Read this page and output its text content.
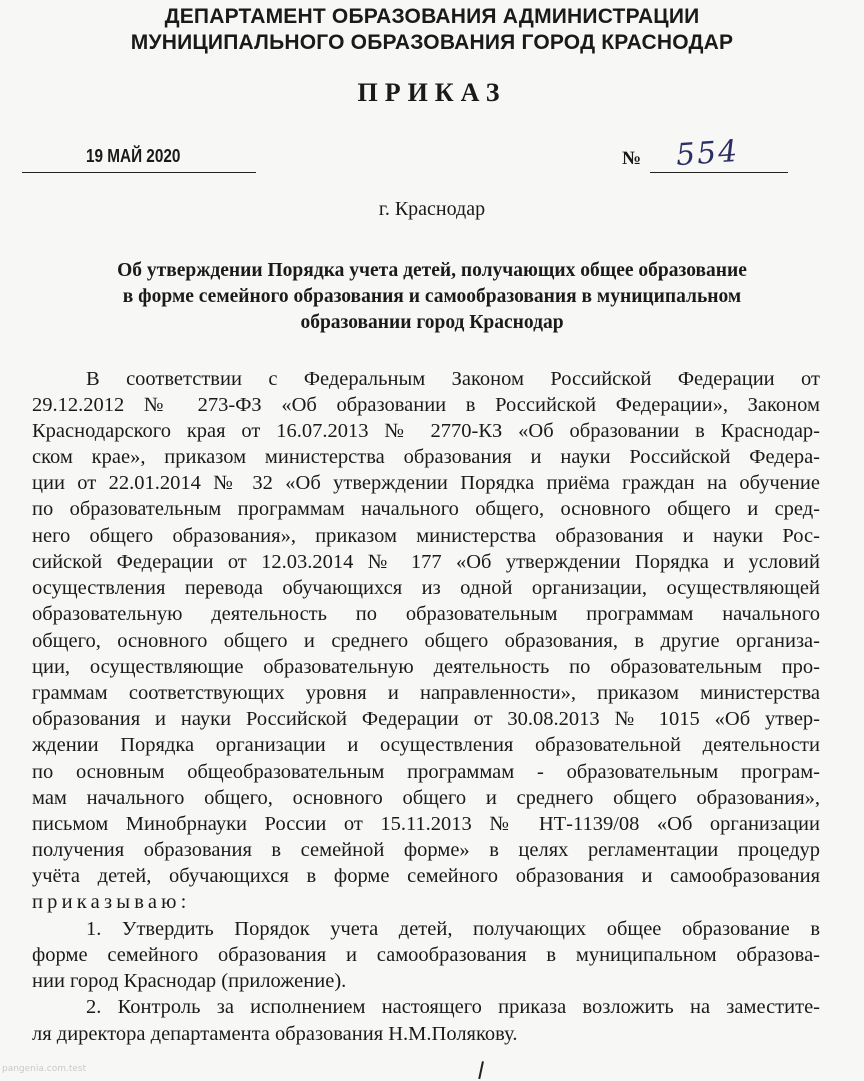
ДЕПАРТАМЕНТ ОБРАЗОВАНИЯ АДМИНИСТРАЦИИ
МУНИЦИПАЛЬНОГО ОБРАЗОВАНИЯ ГОРОД КРАСНОДАР
ПРИКАЗ
19 МАЙ 2020	№ 554
г. Краснодар
Об утверждении Порядка учета детей, получающих общее образование
в форме семейного образования и самообразования в муниципальном
образовании город Краснодар
В соответствии с Федеральным Законом Российской Федерации от
29.12.2012 № 273-ФЗ «Об образовании в Российской Федерации», Законом
Краснодарского края от 16.07.2013 № 2770-КЗ «Об образовании в Краснодар-
ском крае», приказом министерства образования и науки Российской Федера-
ции от 22.01.2014 № 32 «Об утверждении Порядка приёма граждан на обучение
по образовательным программам начального общего, основного общего и сред-
него общего образования», приказом министерства образования и науки Рос-
сийской Федерации от 12.03.2014 № 177 «Об утверждении Порядка и условий
осуществления перевода обучающихся из одной организации, осуществляющей
образовательную деятельность по образовательным программам начального
общего, основного общего и среднего общего образования, в другие организа-
ции, осуществляющие образовательную деятельность по образовательным про-
граммам соответствующих уровня и направленности», приказом министерства
образования и науки Российской Федерации от 30.08.2013 № 1015 «Об утвер-
ждении Порядка организации и осуществления образовательной деятельности
по основным общеобразовательным программам - образовательным програм-
мам начального общего, основного общего и среднего общего образования»,
письмом Минобрнауки России от 15.11.2013 № НТ-1139/08 «Об организации
получения образования в семейной форме» в целях регламентации процедур
учёта детей, обучающихся в форме семейного образования и самообразования
приказываю:
1. Утвердить Порядок учета детей, получающих общее образование в
форме семейного образования и самообразования в муниципальном образова-
нии город Краснодар (приложение).
2. Контроль за исполнением настоящего приказа возложить на заместите-
ля директора департамента образования Н.М.Полякову.
pangenia.com.test
